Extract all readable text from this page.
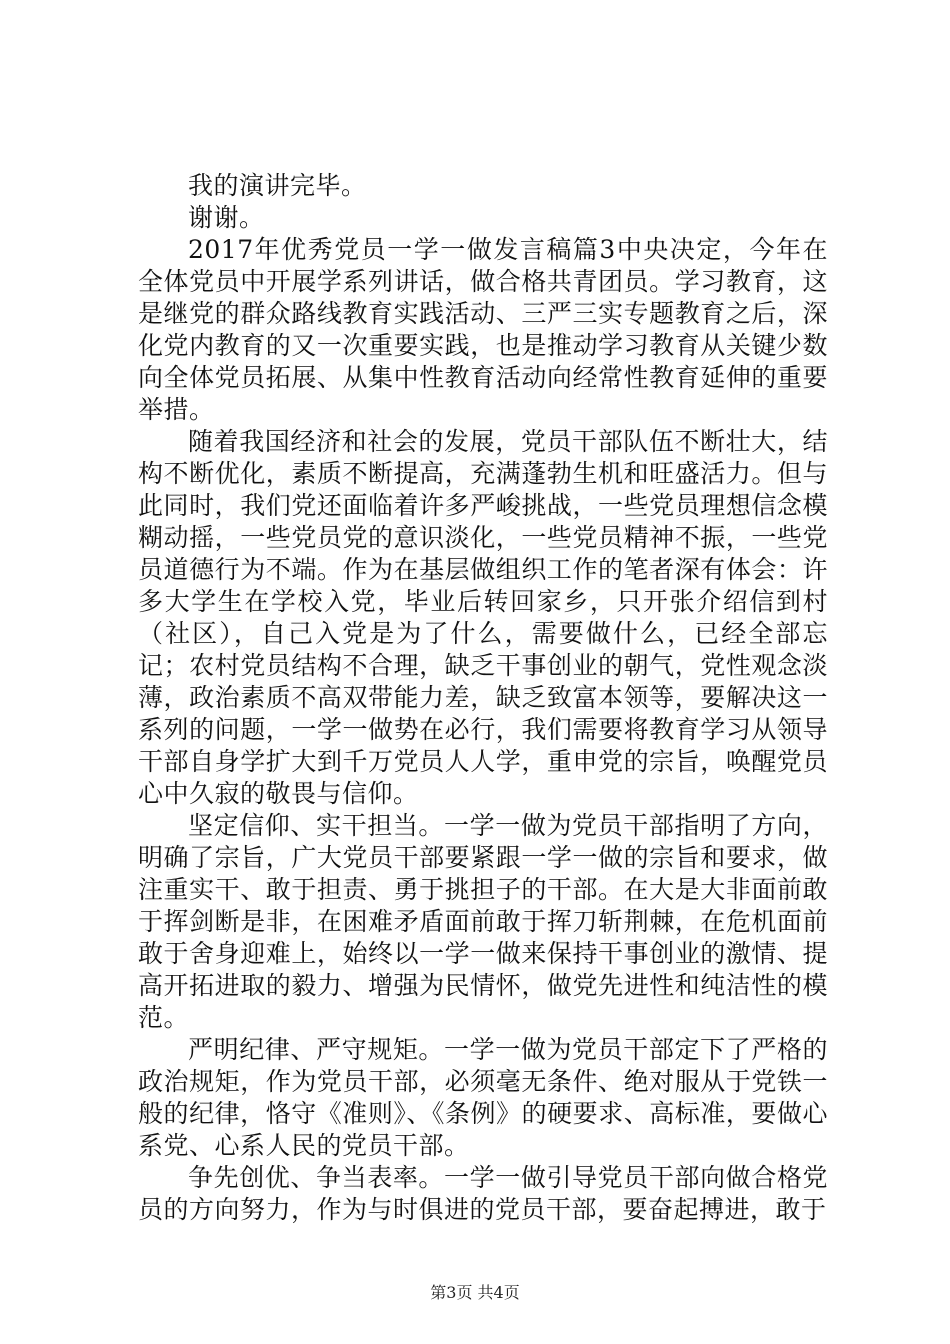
我的演讲完毕。

谢谢。

2017年优秀党员一学一做发言稿篇3中央决定，今年在全体党员中开展学系列讲话，做合格共青团员。学习教育，这是继党的群众路线教育实践活动、三严三实专题教育之后，深化党内教育的又一次重要实践，也是推动学习教育从关键少数向全体党员拓展、从集中性教育活动向经常性教育延伸的重要举措。

随着我国经济和社会的发展，党员干部队伍不断壮大，结构不断优化，素质不断提高，充满蓬勃生机和旺盛活力。但与此同时，我们党还面临着许多严峻挑战，一些党员理想信念模糊动摇，一些党员党的意识淡化，一些党员精神不振，一些党员道德行为不端。作为在基层做组织工作的笔者深有体会：许多大学生在学校入党，毕业后转回家乡，只开张介绍信到村（社区），自己入党是为了什么，需要做什么，已经全部忘记；农村党员结构不合理，缺乏干事创业的朝气，党性观念淡薄，政治素质不高双带能力差，缺乏致富本领等，要解决这一系列的问题，一学一做势在必行，我们需要将教育学习从领导干部自身学扩大到千万党员人人学，重申党的宗旨，唤醒党员心中久寂的敬畏与信仰。

坚定信仰、实干担当。一学一做为党员干部指明了方向，明确了宗旨，广大党员干部要紧跟一学一做的宗旨和要求，做注重实干、敢于担责、勇于挑担子的干部。在大是大非面前敢于挥剑断是非，在困难矛盾面前敢于挥刀斩荆棘，在危机面前敢于舍身迎难上，始终以一学一做来保持干事创业的激情、提高开拓进取的毅力、增强为民情怀，做党先进性和纯洁性的模范。

严明纪律、严守规矩。一学一做为党员干部定下了严格的政治规矩，作为党员干部，必须毫无条件、绝对服从于党铁一般的纪律，恪守《准则》、《条例》的硬要求、高标准，要做心系党、心系人民的党员干部。

争先创优、争当表率。一学一做引导党员干部向做合格党员的方向努力，作为与时俱进的党员干部，要奋起搏进，敢于

第3页 共4页
